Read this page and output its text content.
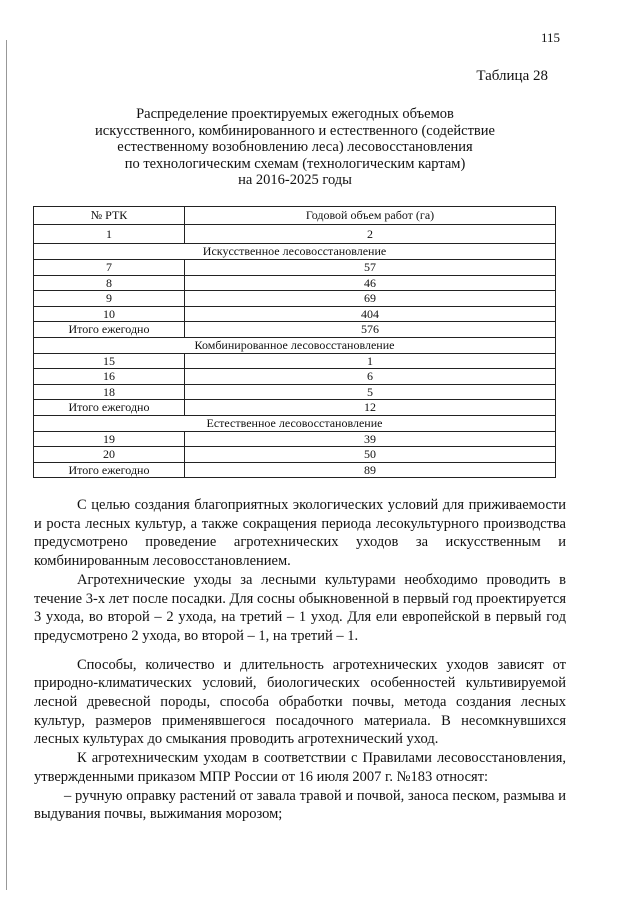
115
Таблица 28
Распределение проектируемых ежегодных объемов
искусственного, комбинированного и естественного (содействие
естественному возобновлению леса) лесовосстановления
по технологическим схемам (технологическим картам)
на 2016-2025 годы
№ РТК	Годовой объем работ (га)
1	2
Искусственное лесовосстановление	
7	57
8	46
9	69
10	404
Итого ежегодно	576
Комбинированное лесовосстановление	
15	1
16	6
18	5
Итого ежегодно	12
Естественное лесовосстановление	
19	39
20	50
Итого ежегодно	89

С целью создания благоприятных экологических условий для приживаемости и роста лесных культур, а также сокращения периода лесокультурного производства предусмотрено проведение агротехнических уходов за искусственным и комбинированным лесовосстановлением.

Агротехнические уходы за лесными культурами необходимо проводить в течение 3-х лет после посадки. Для сосны обыкновенной в первый год проектируется 3 ухода, во второй – 2 ухода, на третий – 1 уход. Для ели европейской в первый год предусмотрено 2 ухода, во второй – 1, на третий – 1.

Способы, количество и длительность агротехнических уходов зависят от природно-климатических условий, биологических особенностей культивируемой лесной древесной породы, способа обработки почвы, метода создания лесных культур, размеров применявшегося посадочного материала. В несомкнувшихся лесных культурах до смыкания проводить агротехнический уход.

К агротехническим уходам в соответствии с Правилами лесовосстановления, утвержденными приказом МПР России от 16 июля 2007 г. №183 относят:

– ручную оправку растений от завала травой и почвой, заноса песком, размыва и выдувания почвы, выжимания морозом;
